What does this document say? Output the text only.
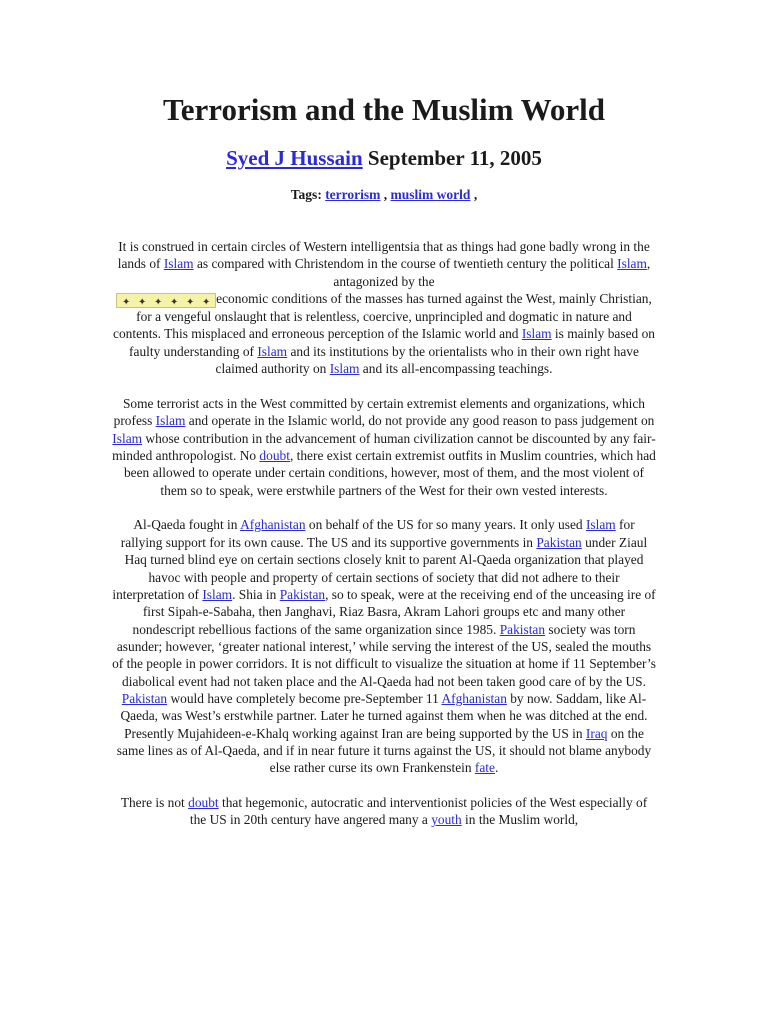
Terrorism and the Muslim World
Syed J Hussain September 11, 2005
Tags: terrorism , muslim world ,

It is construed in certain circles of Western intelligentsia that as things had gone badly wrong in the lands of Islam as compared with Christendom in the course of twentieth century the political Islam, antagonized by the
✦ ✦ ✦ ✦ ✦ ✦ economic conditions of the masses has turned against the West, mainly Christian, for a vengeful onslaught that is relentless, coercive, unprincipled and dogmatic in nature and contents. This misplaced and erroneous perception of the Islamic world and Islam is mainly based on faulty understanding of Islam and its institutions by the orientalists who in their own right have claimed authority on Islam and its all-encompassing teachings.

Some terrorist acts in the West committed by certain extremist elements and organizations, which profess Islam and operate in the Islamic world, do not provide any good reason to pass judgement on Islam whose contribution in the advancement of human civilization cannot be discounted by any fair-minded anthropologist. No doubt, there exist certain extremist outfits in Muslim countries, which had been allowed to operate under certain conditions, however, most of them, and the most violent of them so to speak, were erstwhile partners of the West for their own vested interests.

Al-Qaeda fought in Afghanistan on behalf of the US for so many years. It only used Islam for rallying support for its own cause. The US and its supportive governments in Pakistan under Ziaul Haq turned blind eye on certain sections closely knit to parent Al-Qaeda organization that played havoc with people and property of certain sections of society that did not adhere to their interpretation of Islam. Shia in Pakistan, so to speak, were at the receiving end of the unceasing ire of first Sipah-e-Sabaha, then Janghavi, Riaz Basra, Akram Lahori groups etc and many other nondescript rebellious factions of the same organization since 1985. Pakistan society was torn asunder; however, ‘greater national interest,’ while serving the interest of the US, sealed the mouths of the people in power corridors. It is not difficult to visualize the situation at home if 11 September’s diabolical event had not taken place and the Al-Qaeda had not been taken good care of by the US. Pakistan would have completely become pre-September 11 Afghanistan by now. Saddam, like Al-Qaeda, was West’s erstwhile partner. Later he turned against them when he was ditched at the end. Presently Mujahideen-e-Khalq working against Iran are being supported by the US in Iraq on the same lines as of Al-Qaeda, and if in near future it turns against the US, it should not blame anybody else rather curse its own Frankenstein fate.

There is not doubt that hegemonic, autocratic and interventionist policies of the West especially of the US in 20th century have angered many a youth in the Muslim world,
